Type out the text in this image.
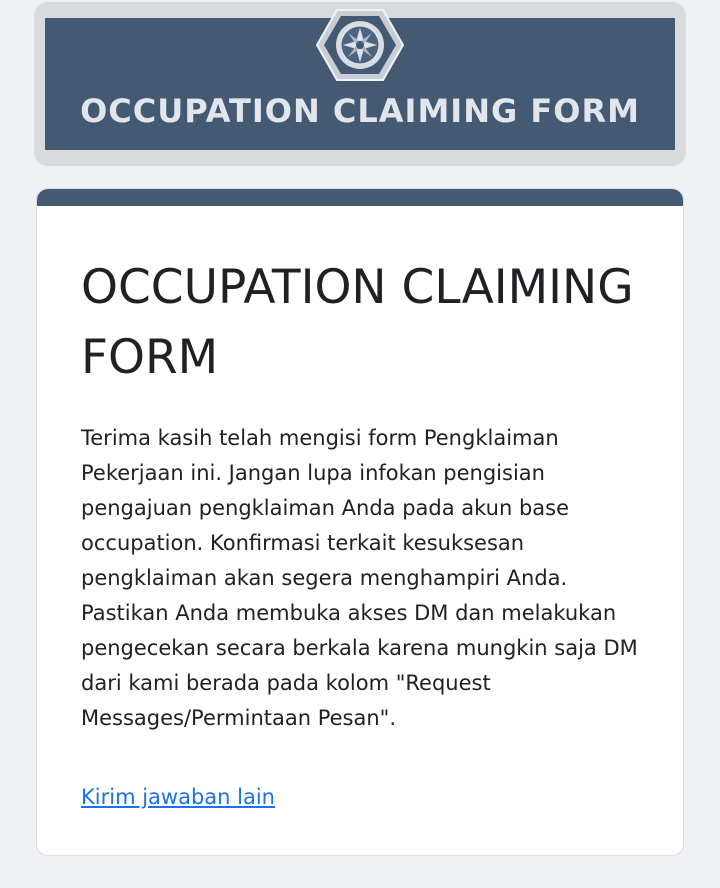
OCCUPATION CLAIMING FORM
OCCUPATION CLAIMING FORM

Terima kasih telah mengisi form Pengklaiman Pekerjaan ini. Jangan lupa infokan pengisian pengajuan pengklaiman Anda pada akun base occupation. Konfirmasi terkait kesuksesan pengklaiman akan segera menghampiri Anda. Pastikan Anda membuka akses DM dan melakukan pengecekan secara berkala karena mungkin saja DM dari kami berada pada kolom "Request Messages/Permintaan Pesan".

Kirim jawaban lain
